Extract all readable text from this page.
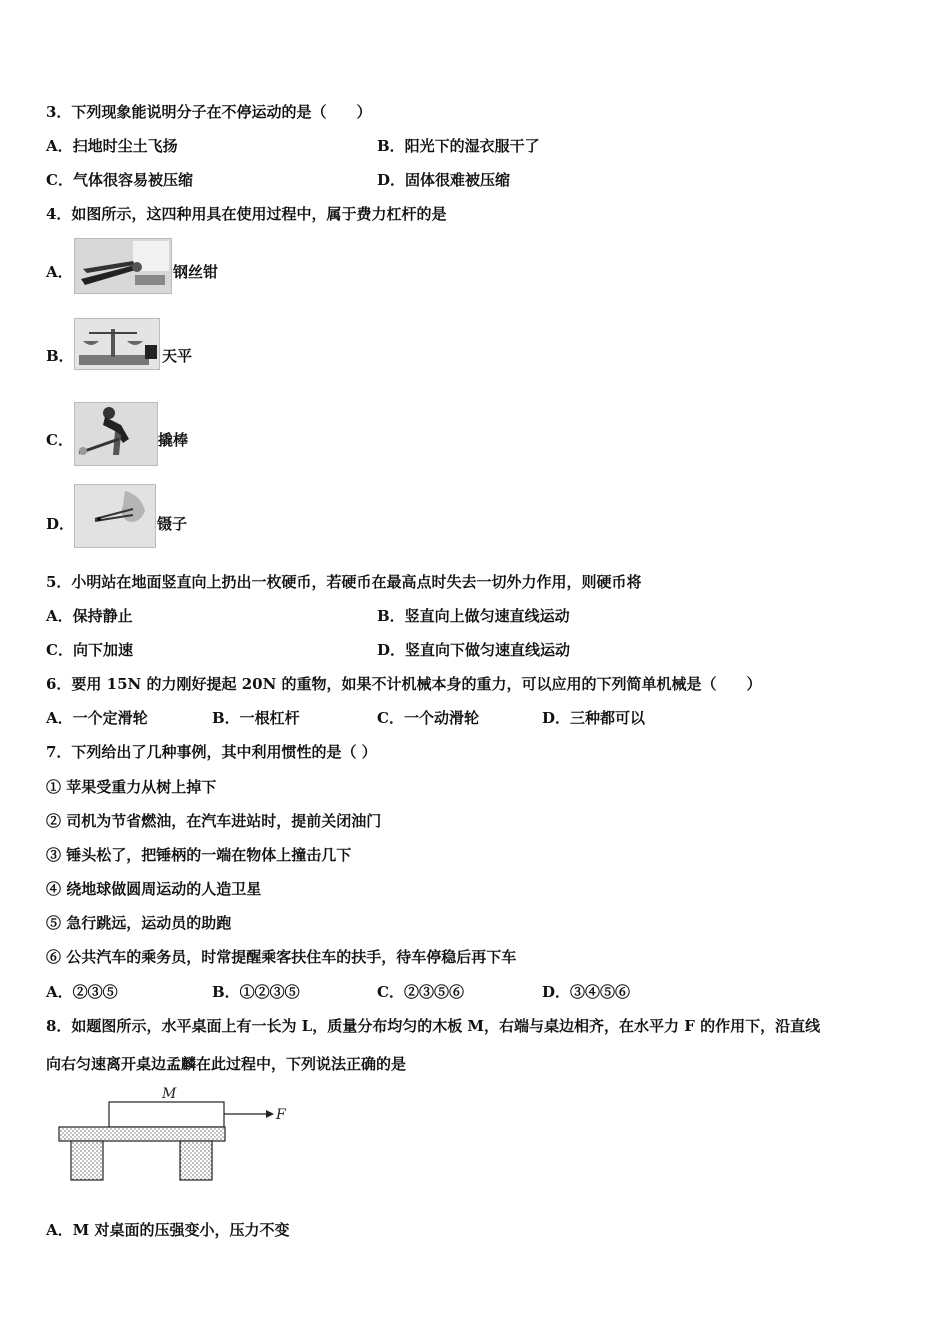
3．下列现象能说明分子在不停运动的是（　　）
A．扫地时尘土飞扬	B．阳光下的湿衣服干了
C．气体很容易被压缩	D．固体很难被压缩
4．如图所示，这四种用具在使用过程中，属于费力杠杆的是
A．	钢丝钳
B．	天平
C．	撬棒
D．	镊子
5．小明站在地面竖直向上扔出一枚硬币，若硬币在最高点时失去一切外力作用，则硬币将
A．保持静止	B．竖直向上做匀速直线运动
C．向下加速	D．竖直向下做匀速直线运动
6．要用 15N 的力刚好提起 20N 的重物，如果不计机械本身的重力，可以应用的下列简单机械是（　　）
A．一个定滑轮	B．一根杠杆	C．一个动滑轮	D．三种都可以
7．下列给出了几种事例，其中利用惯性的是（ ）
① 苹果受重力从树上掉下
② 司机为节省燃油，在汽车进站时，提前关闭油门
③ 锤头松了，把锤柄的一端在物体上撞击几下
④ 绕地球做圆周运动的人造卫星
⑤ 急行跳远，运动员的助跑
⑥ 公共汽车的乘务员，时常提醒乘客扶住车的扶手，待车停稳后再下车
A．②③⑤	B．①②③⑤	C．②③⑤⑥	D．③④⑤⑥
8．如题图所示，水平桌面上有一长为 L，质量分布均匀的木板 M，右端与桌边相齐，在水平力 F 的作用下，沿直线
向右匀速离开桌边孟麟在此过程中，下列说法正确的是
M
F
A．M 对桌面的压强变小，压力不变
